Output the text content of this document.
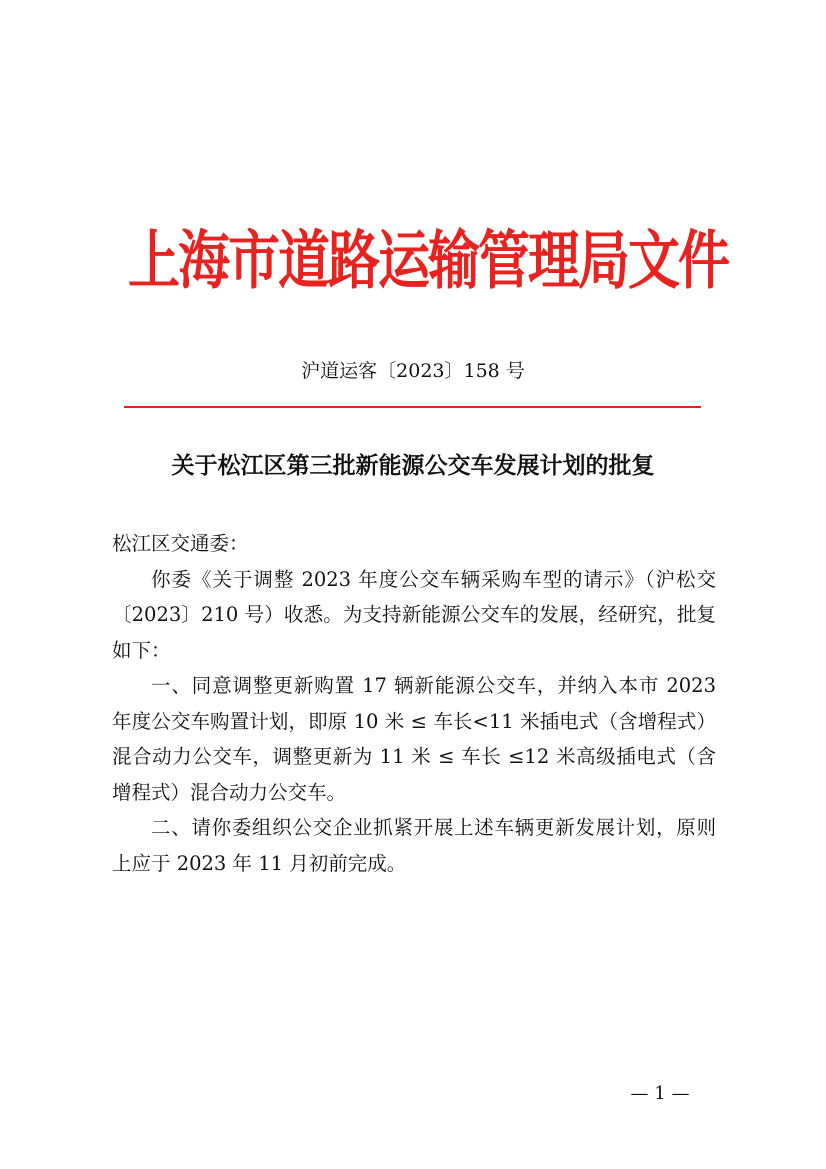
上海市道路运输管理局文件
沪道运客〔2023〕158 号
关于松江区第三批新能源公交车发展计划的批复

松江区交通委：

你委《关于调整 2023 年度公交车辆采购车型的请示》（沪松交〔2023〕210 号）收悉。为支持新能源公交车的发展，经研究，批复如下：

一、同意调整更新购置 17 辆新能源公交车，并纳入本市 2023 年度公交车购置计划，即原 10 米 ≤ 车长<11 米插电式（含增程式）混合动力公交车，调整更新为 11 米 ≤ 车长 ≤12 米高级插电式（含增程式）混合动力公交车。

二、请你委组织公交企业抓紧开展上述车辆更新发展计划，原则上应于 2023 年 11 月初前完成。

— 1 —
